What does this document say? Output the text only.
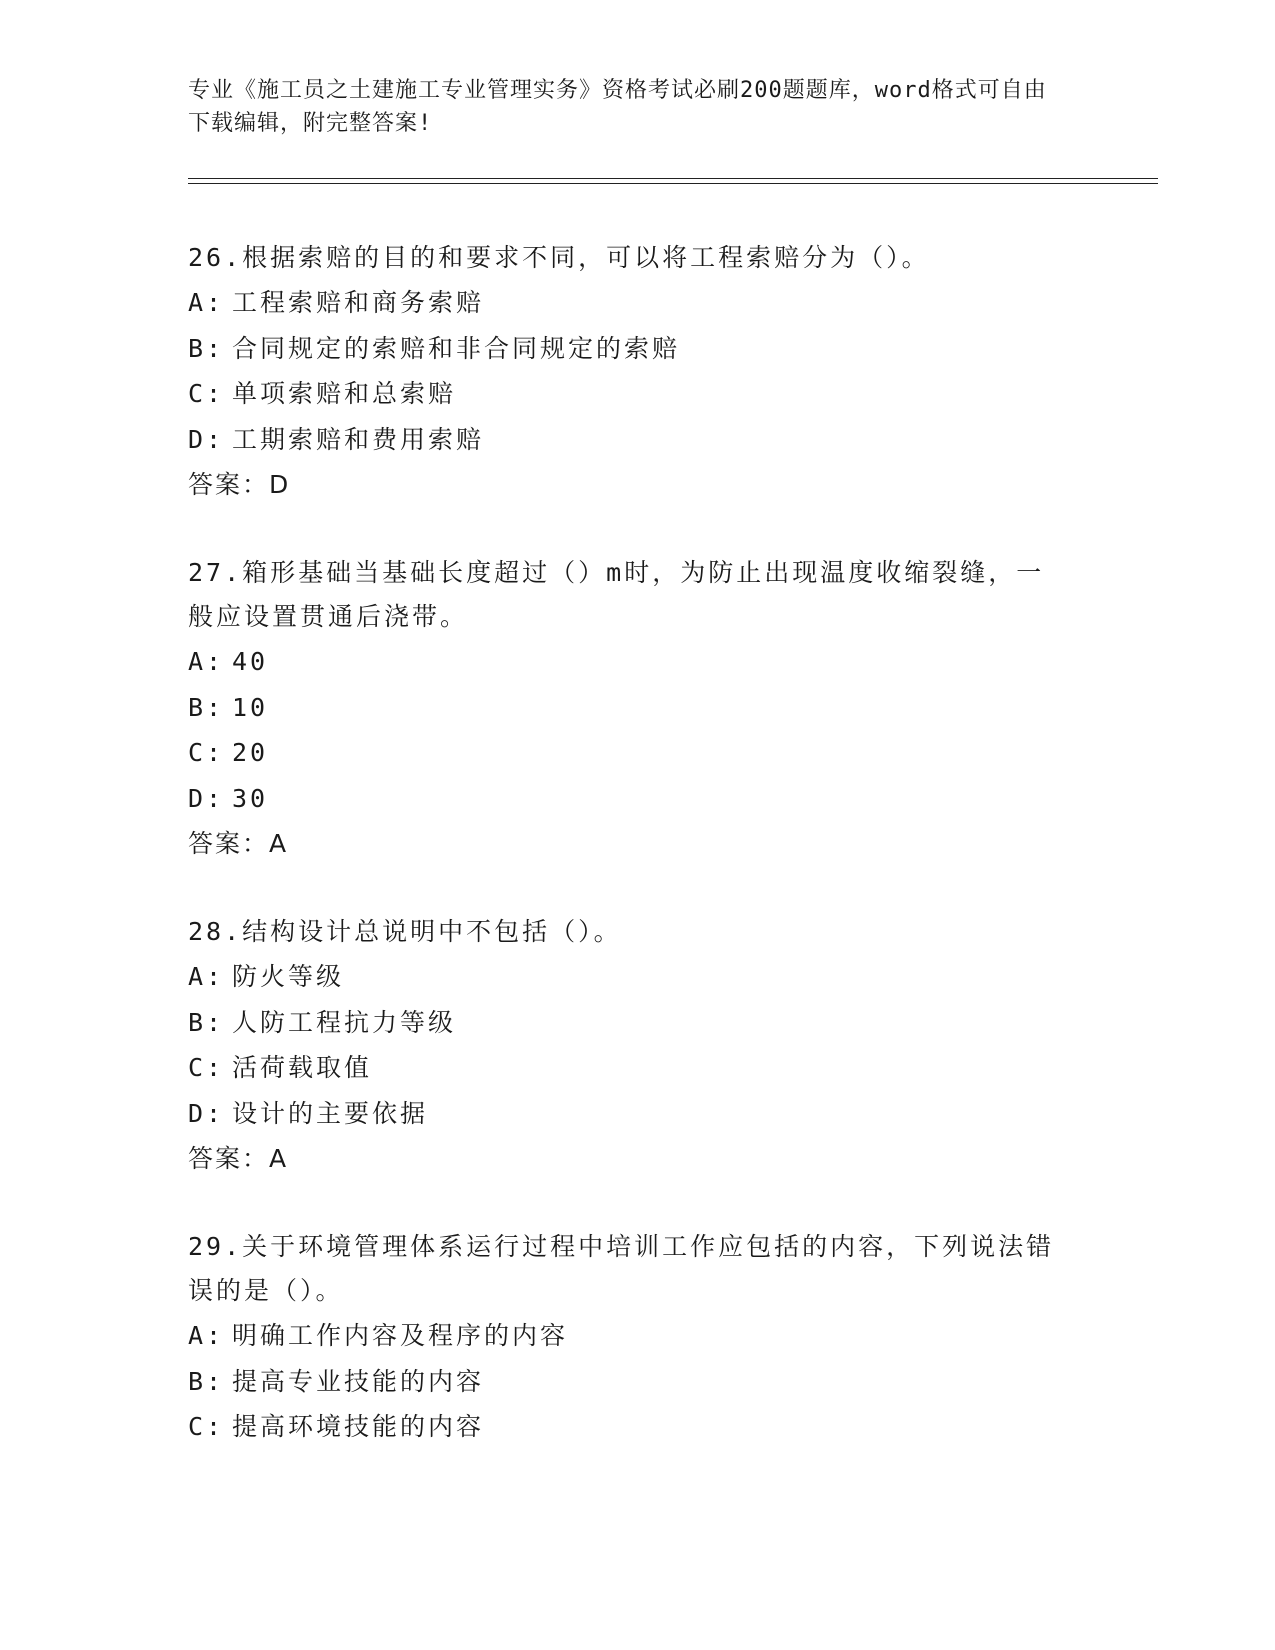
专业《施工员之土建施工专业管理实务》资格考试必刷200题题库，word格式可自由下载编辑，附完整答案!
26.根据索赔的目的和要求不同，可以将工程索赔分为（）。
A: 工程索赔和商务索赔
B: 合同规定的索赔和非合同规定的索赔
C: 单项索赔和总索赔
D: 工期索赔和费用索赔
答案：D
27.箱形基础当基础长度超过（）m时，为防止出现温度收缩裂缝，一般应设置贯通后浇带。
A: 40
B: 10
C: 20
D: 30
答案：A
28.结构设计总说明中不包括（）。
A: 防火等级
B: 人防工程抗力等级
C: 活荷载取值
D: 设计的主要依据
答案：A
29.关于环境管理体系运行过程中培训工作应包括的内容，下列说法错误的是（）。
A: 明确工作内容及程序的内容
B: 提高专业技能的内容
C: 提高环境技能的内容
